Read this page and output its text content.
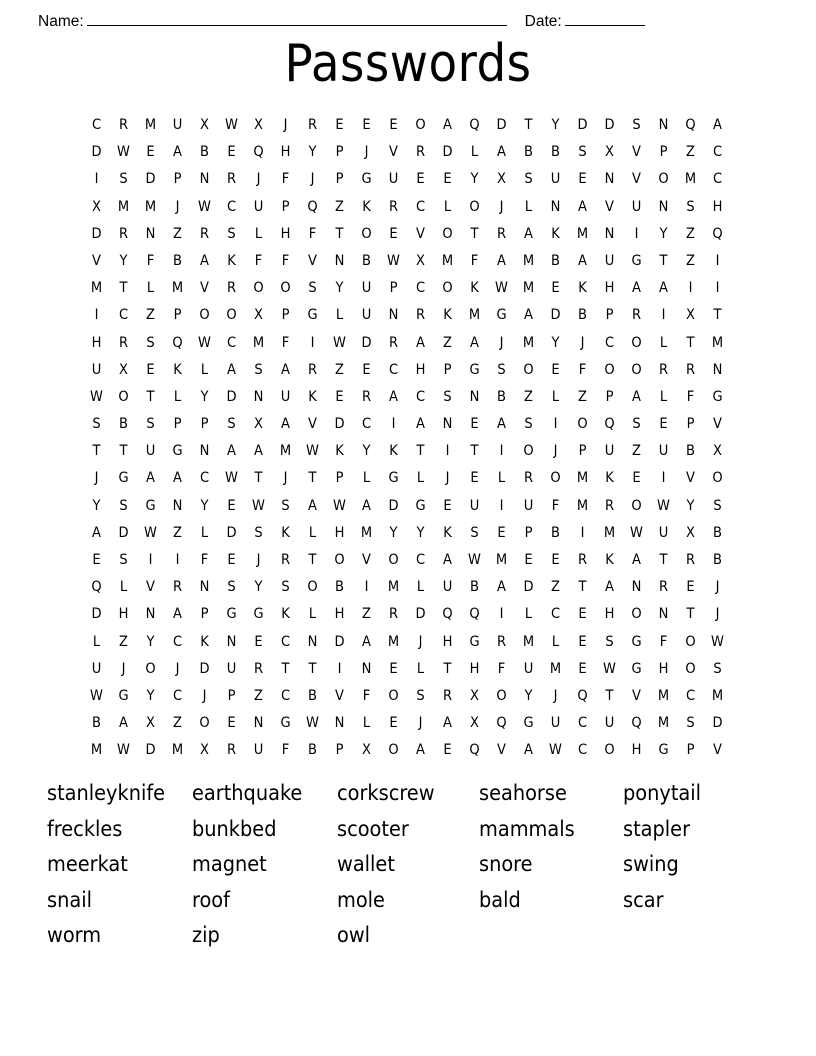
Name:	Date:
Passwords
C	R	M	U	X	W	X	J	R	E	E	E	O	A	Q	D	T	Y	D	D	S	N	Q	A
D	W	E	A	B	E	Q	H	Y	P	J	V	R	D	L	A	B	B	S	X	V	P	Z	C
I	S	D	P	N	R	J	F	J	P	G	U	E	E	Y	X	S	U	E	N	V	O	M	C
X	M	M	J	W	C	U	P	Q	Z	K	R	C	L	O	J	L	N	A	V	U	N	S	H
D	R	N	Z	R	S	L	H	F	T	O	E	V	O	T	R	A	K	M	N	I	Y	Z	Q
V	Y	F	B	A	K	F	F	V	N	B	W	X	M	F	A	M	B	A	U	G	T	Z	I
M	T	L	M	V	R	O	O	S	Y	U	P	C	O	K	W	M	E	K	H	A	A	I	I
I	C	Z	P	O	O	X	P	G	L	U	N	R	K	M	G	A	D	B	P	R	I	X	T
H	R	S	Q	W	C	M	F	I	W	D	R	A	Z	A	J	M	Y	J	C	O	L	T	M
U	X	E	K	L	A	S	A	R	Z	E	C	H	P	G	S	O	E	F	O	O	R	R	N
W	O	T	L	Y	D	N	U	K	E	R	A	C	S	N	B	Z	L	Z	P	A	L	F	G
S	B	S	P	P	S	X	A	V	D	C	I	A	N	E	A	S	I	O	Q	S	E	P	V
T	T	U	G	N	A	A	M	W	K	Y	K	T	I	T	I	O	J	P	U	Z	U	B	X
J	G	A	A	C	W	T	J	T	P	L	G	L	J	E	L	R	O	M	K	E	I	V	O
Y	S	G	N	Y	E	W	S	A	W	A	D	G	E	U	I	U	F	M	R	O	W	Y	S
A	D	W	Z	L	D	S	K	L	H	M	Y	Y	K	S	E	P	B	I	M	W	U	X	B
E	S	I	I	F	E	J	R	T	O	V	O	C	A	W	M	E	E	R	K	A	T	R	B
Q	L	V	R	N	S	Y	S	O	B	I	M	L	U	B	A	D	Z	T	A	N	R	E	J
D	H	N	A	P	G	G	K	L	H	Z	R	D	Q	Q	I	L	C	E	H	O	N	T	J
L	Z	Y	C	K	N	E	C	N	D	A	M	J	H	G	R	M	L	E	S	G	F	O	W
U	J	O	J	D	U	R	T	T	I	N	E	L	T	H	F	U	M	E	W	G	H	O	S
W	G	Y	C	J	P	Z	C	B	V	F	O	S	R	X	O	Y	J	Q	T	V	M	C	M
B	A	X	Z	O	E	N	G	W	N	L	E	J	A	X	Q	G	U	C	U	Q	M	S	D
M	W	D	M	X	R	U	F	B	P	X	O	A	E	Q	V	A	W	C	O	H	G	P	V
stanleyknife	earthquake	corkscrew	seahorse	ponytail
freckles	bunkbed	scooter	mammals	stapler
meerkat	magnet	wallet	snore	swing
snail	roof	mole	bald	scar
worm	zip	owl
